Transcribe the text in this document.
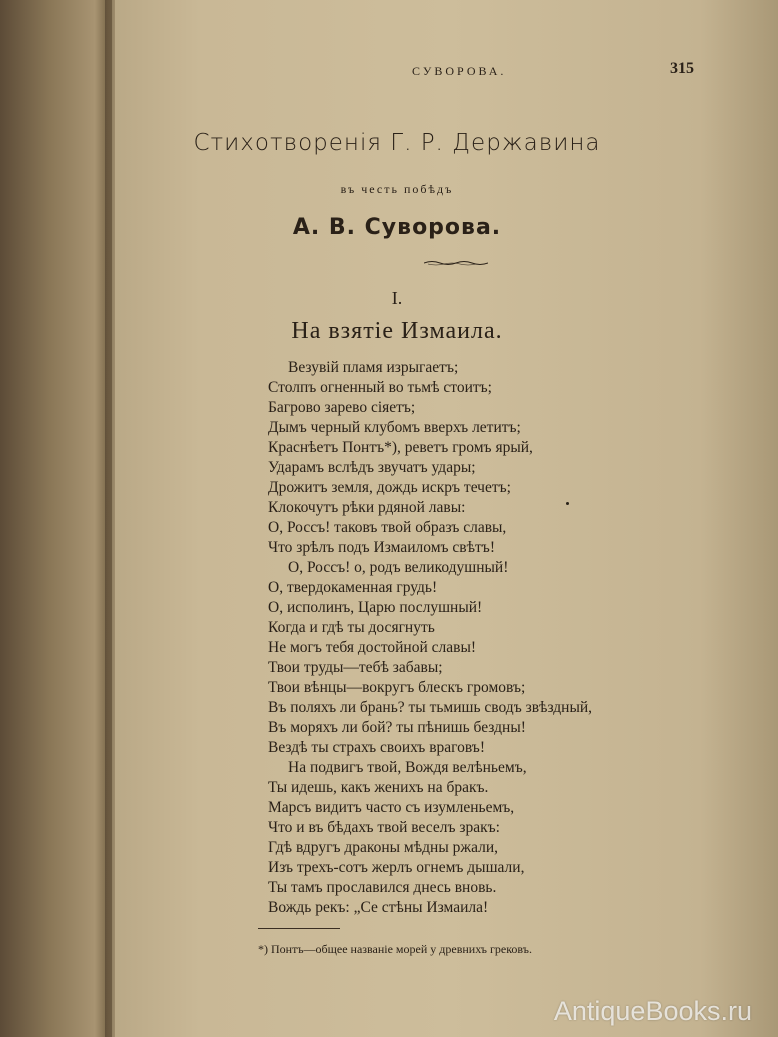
СУВОРОВА.	315
Стихотворенія Г. Р. Державина
въ честь побѣдъ
А. В. Суворова.
I.
На взятіе Измаила.
Везувій пламя изрыгаетъ;
Столпъ огненный во тьмѣ стоитъ;
Багрово зарево сіяетъ;
Дымъ черный клубомъ вверхъ летитъ;
Краснѣетъ Понтъ*), реветъ громъ ярый,
Ударамъ вслѣдъ звучатъ удары;
Дрожитъ земля, дождь искръ течетъ;
Клокочутъ рѣки рдяной лавы:
О, Россъ! таковъ твой образъ славы,
Что зрѣлъ подъ Измаиломъ свѣтъ!
О, Россъ! о, родъ великодушный!
О, твердокаменная грудь!
О, исполинъ, Царю послушный!
Когда и гдѣ ты досягнуть
Не могъ тебя достойной славы!
Твои труды—тебѣ забавы;
Твои вѣнцы—вокругъ блескъ громовъ;
Въ поляхъ ли брань? ты тьмишь сводъ звѣздный,
Въ моряхъ ли бой? ты пѣнишь бездны!
Вездѣ ты страхъ своихъ враговъ!
На подвигъ твой, Вождя велѣньемъ,
Ты идешь, какъ женихъ на бракъ.
Марсъ видитъ часто съ изумленьемъ,
Что и въ бѣдахъ твой веселъ зракъ:
Гдѣ вдругъ драконы мѣдны ржали,
Изъ трехъ-сотъ жерлъ огнемъ дышали,
Ты тамъ прославился днесь вновь.
Вождь рекъ: „Се стѣны Измаила!
*) Понтъ—общее названіе морей у древнихъ грековъ.
AntiqueBooks.ru
